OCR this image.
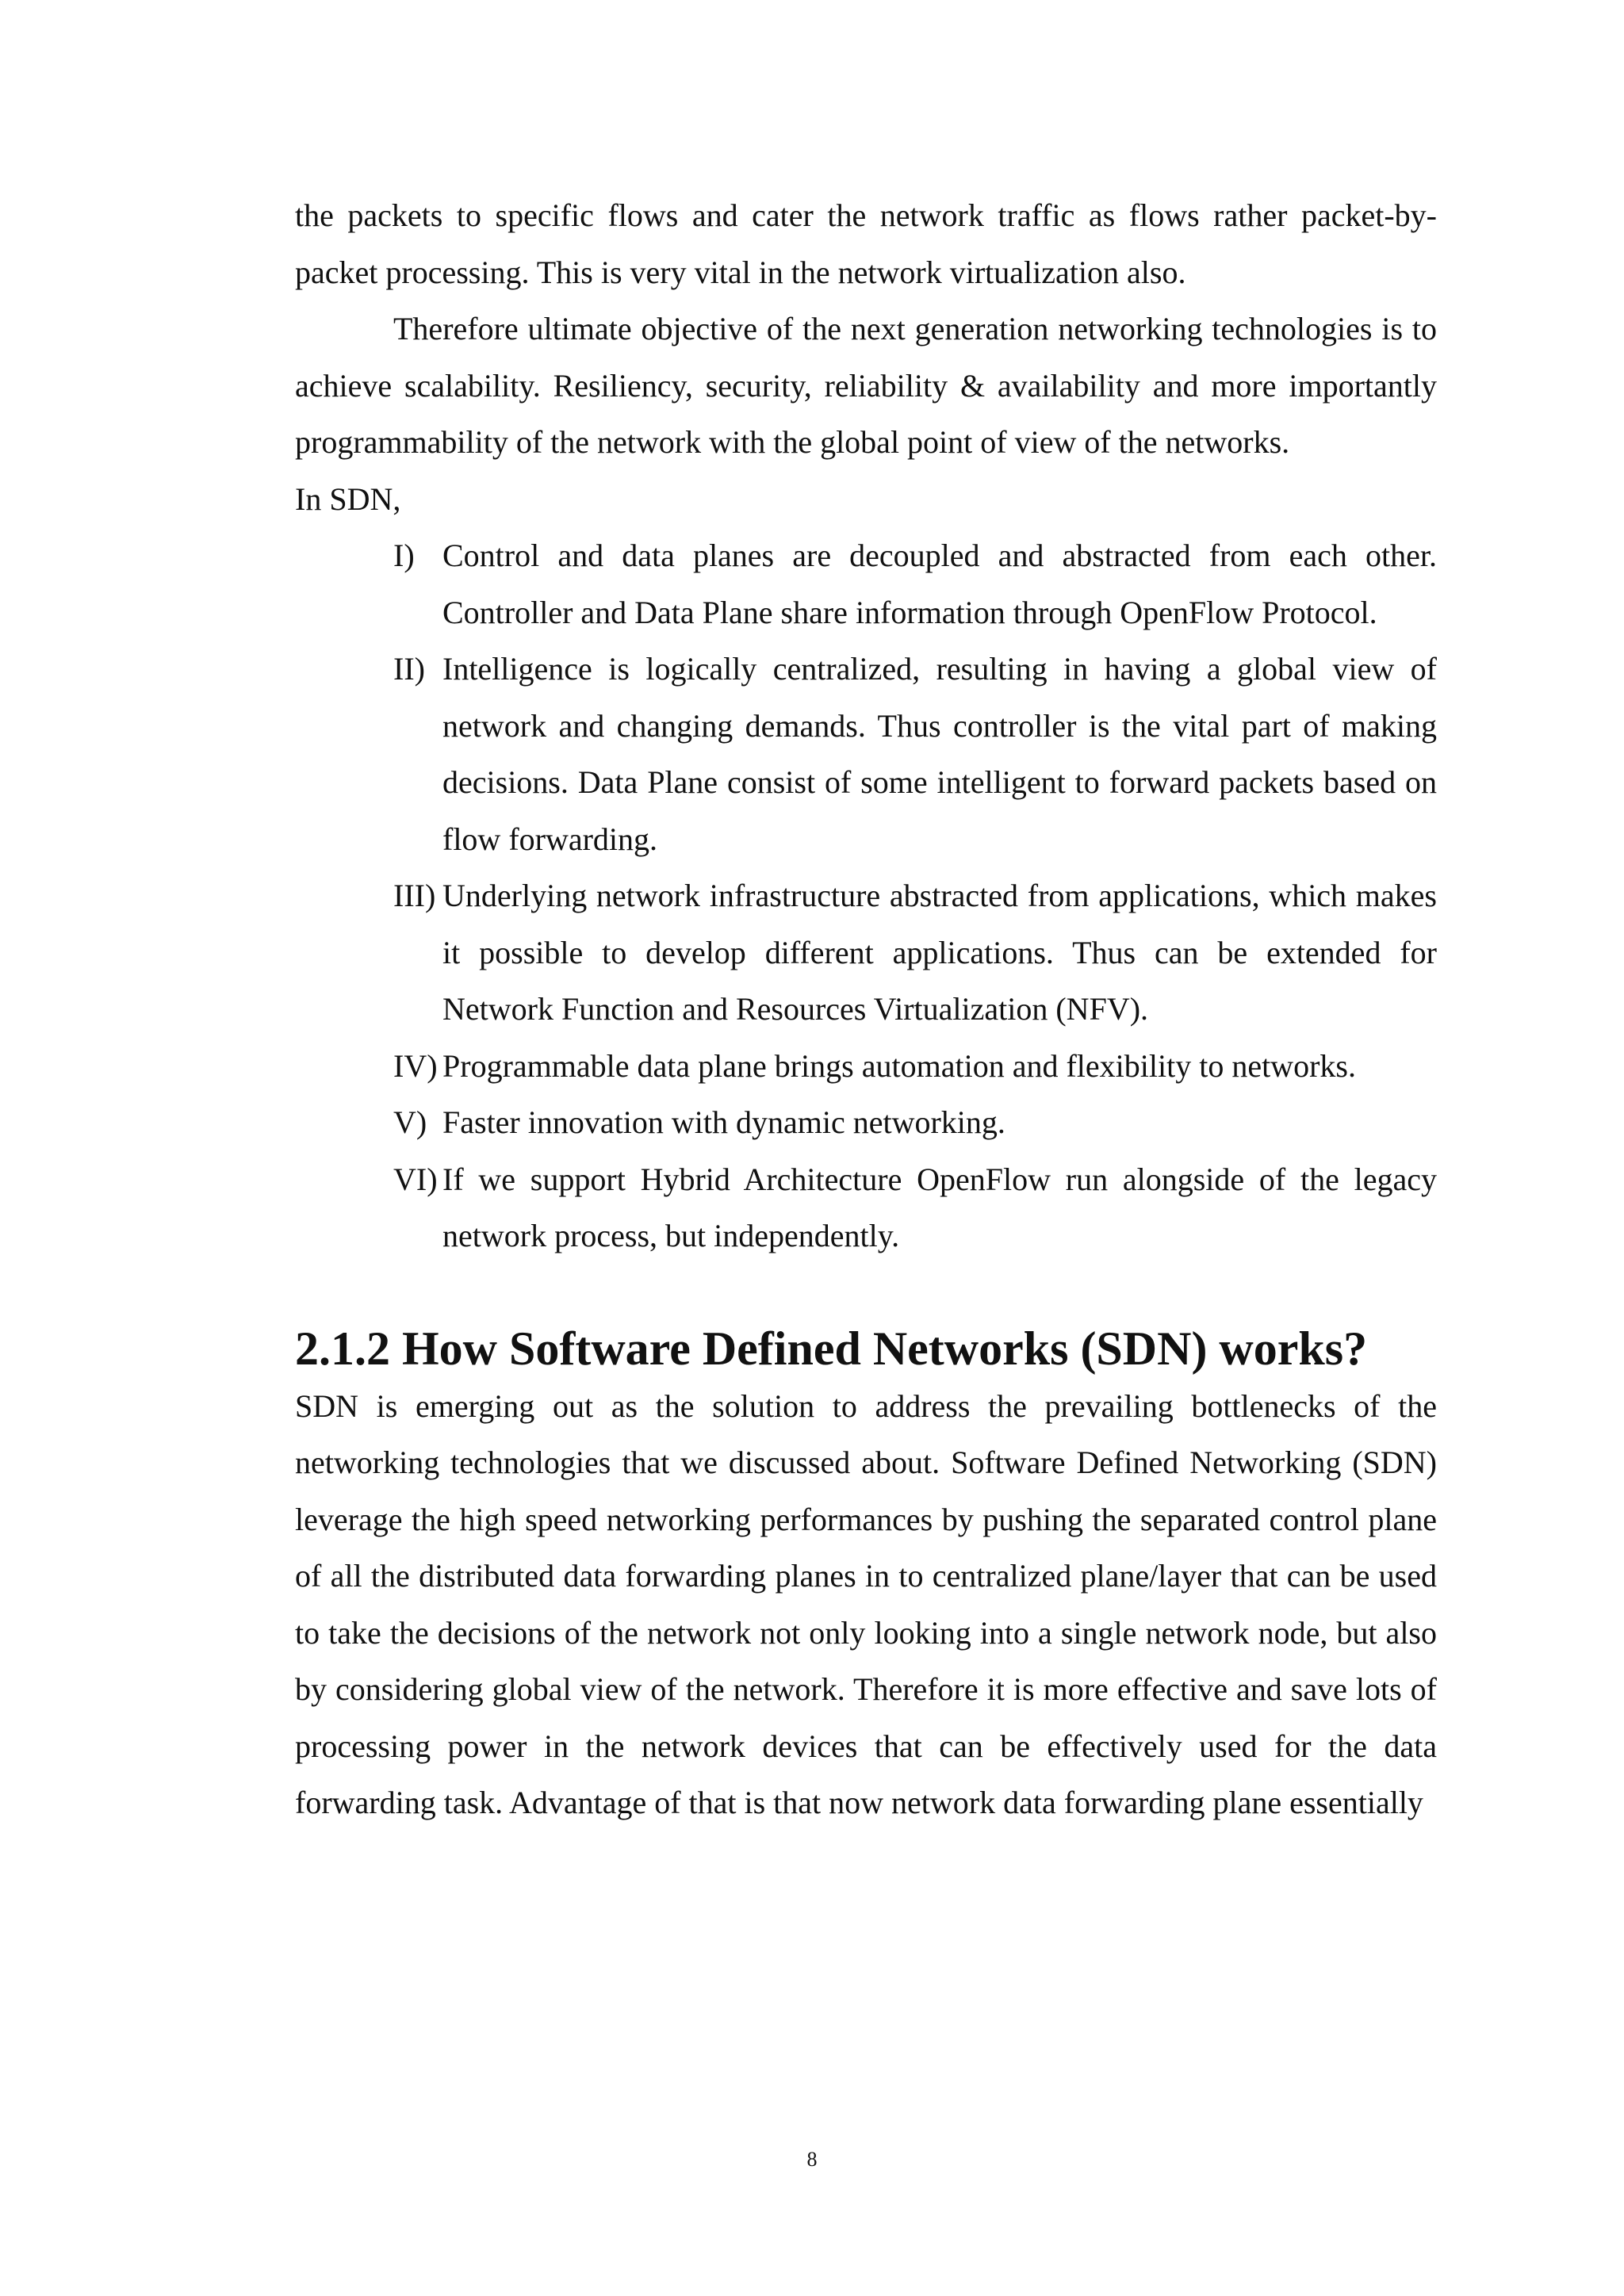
the packets to specific flows and cater the network traffic as flows rather packet-by-packet processing. This is very vital in the network virtualization also.

Therefore ultimate objective of the next generation networking technologies is to achieve scalability. Resiliency, security, reliability & availability and more importantly programmability of the network with the global point of view of the networks.

In SDN,

I) Control and data planes are decoupled and abstracted from each other. Controller and Data Plane share information through OpenFlow Protocol.
II) Intelligence is logically centralized, resulting in having a global view of network and changing demands. Thus controller is the vital part of making decisions. Data Plane consist of some intelligent to forward packets based on flow forwarding.
III) Underlying network infrastructure abstracted from applications, which makes it possible to develop different applications. Thus can be extended for Network Function and Resources Virtualization (NFV).
IV) Programmable data plane brings automation and flexibility to networks.
V) Faster innovation with dynamic networking.
VI) If we support Hybrid Architecture OpenFlow run alongside of the legacy network process, but independently.
2.1.2 How Software Defined Networks (SDN) works?

SDN is emerging out as the solution to address the prevailing bottlenecks of the networking technologies that we discussed about. Software Defined Networking (SDN) leverage the high speed networking performances by pushing the separated control plane of all the distributed data forwarding planes in to centralized plane/layer that can be used to take the decisions of the network not only looking into a single network node, but also by considering global view of the network. Therefore it is more effective and save lots of processing power in the network devices that can be effectively used for the data forwarding task. Advantage of that is that now network data forwarding plane essentially

8
